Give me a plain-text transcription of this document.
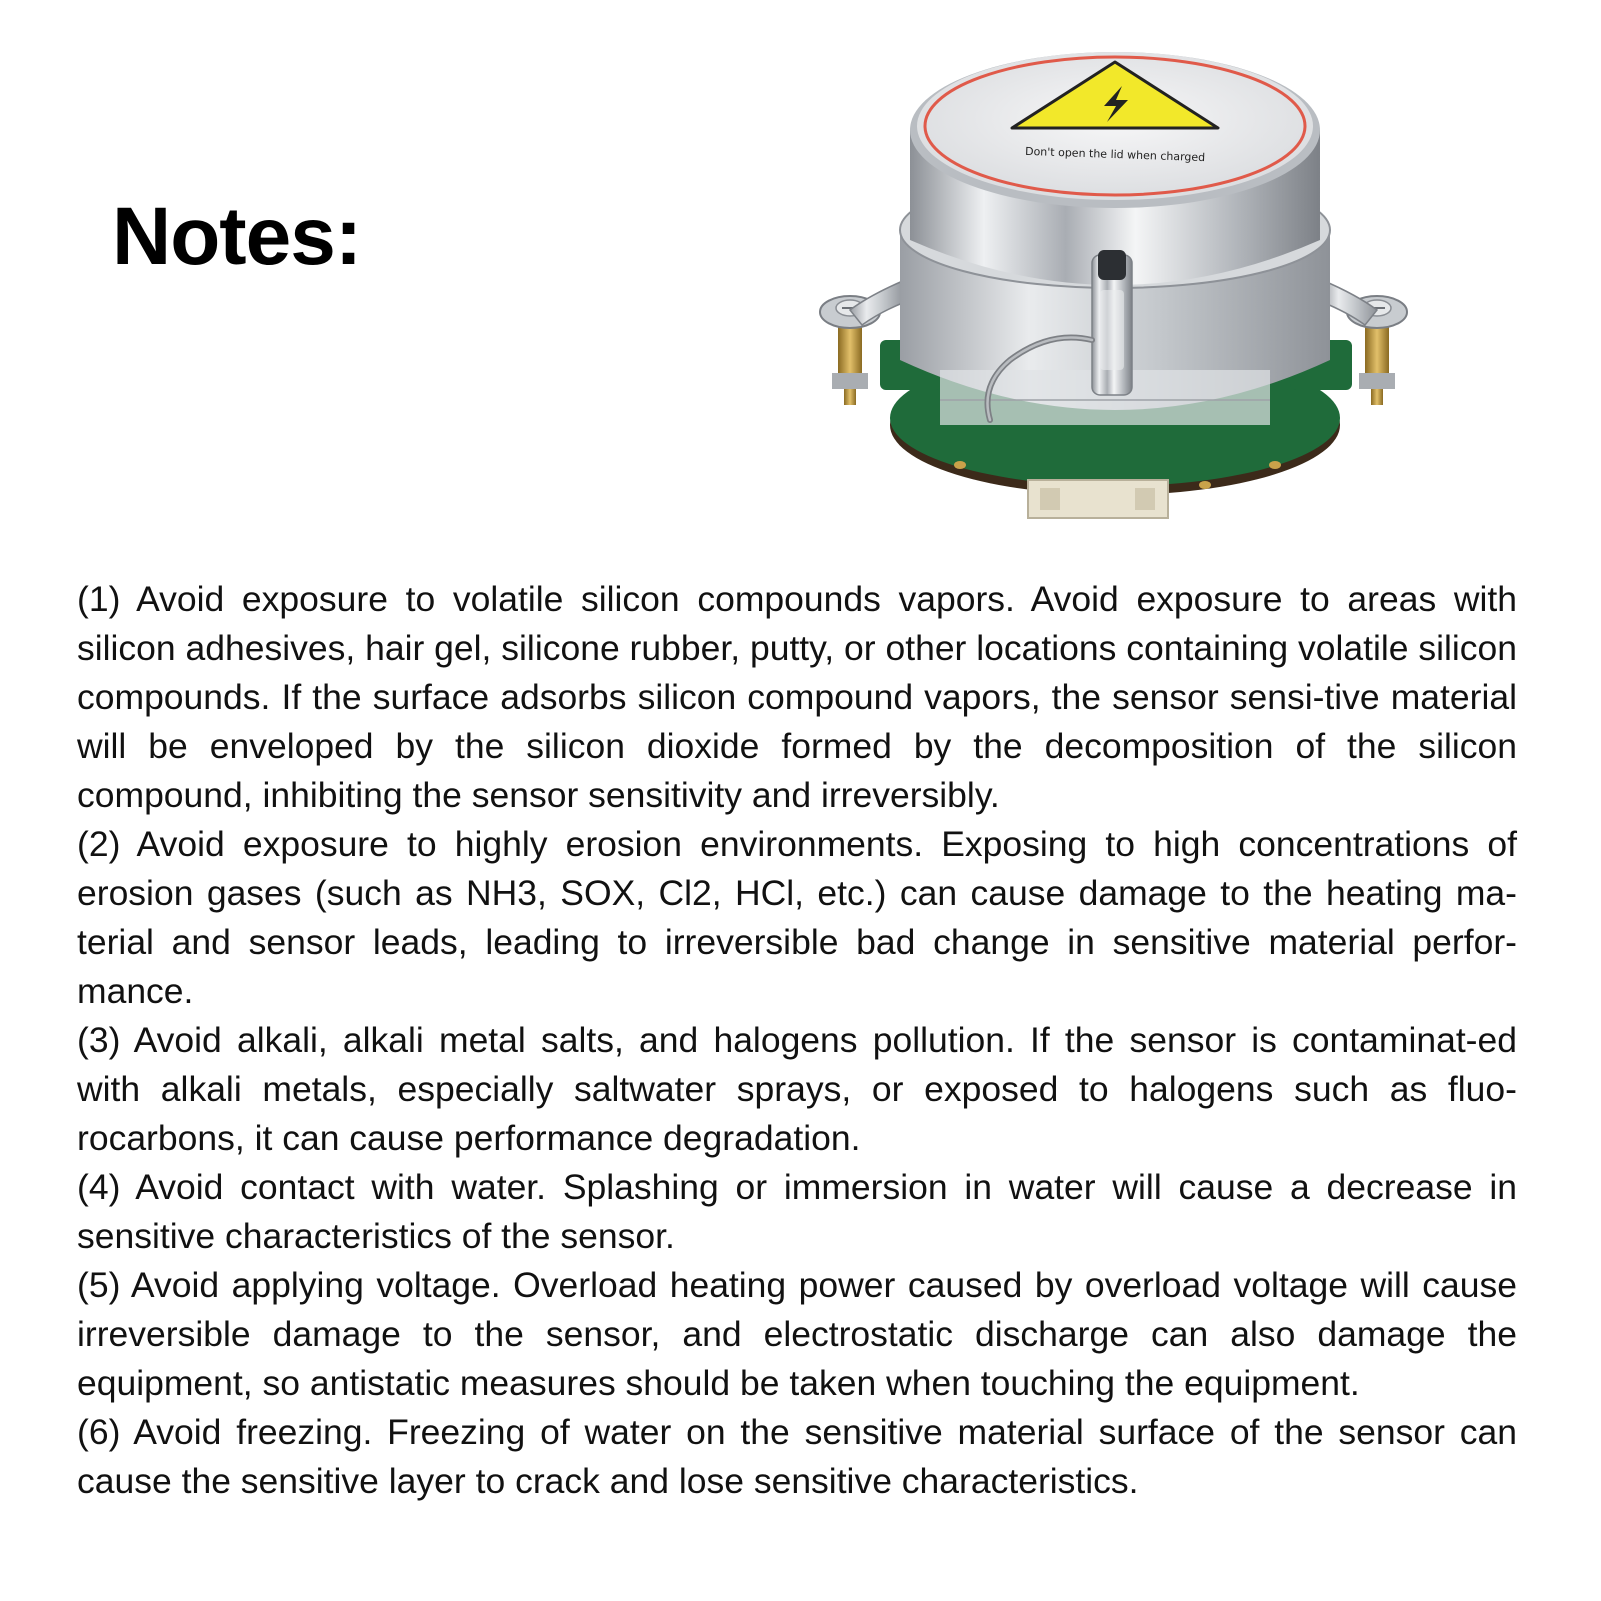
Notes:
Don't open the lid when charged

(1) Avoid exposure to volatile silicon compounds vapors. Avoid exposure to areas with silicon adhesives, hair gel, silicone rubber, putty, or other locations containing volatile silicon compounds. If the surface adsorbs silicon compound vapors, the sensor sensi-tive material will be enveloped by the silicon dioxide formed by the decomposition of the silicon compound, inhibiting the sensor sensitivity and irreversibly.

(2) Avoid exposure to highly erosion environments. Exposing to high concentrations of erosion gases (such as NH3, SOX, Cl2, HCl, etc.) can cause damage to the heating ma-terial and sensor leads, leading to irreversible bad change in sensitive material perfor-mance.

(3) Avoid alkali, alkali metal salts, and halogens pollution. If the sensor is contaminat-ed with alkali metals, especially saltwater sprays, or exposed to halogens such as fluo-rocarbons, it can cause performance degradation.

(4) Avoid contact with water. Splashing or immersion in water will cause a decrease in sensitive characteristics of the sensor.

(5) Avoid applying voltage. Overload heating power caused by overload voltage will cause irreversible damage to the sensor, and electrostatic discharge can also damage the equipment, so antistatic measures should be taken when touching the equipment.

(6) Avoid freezing. Freezing of water on the sensitive material surface of the sensor can cause the sensitive layer to crack and lose sensitive characteristics.
